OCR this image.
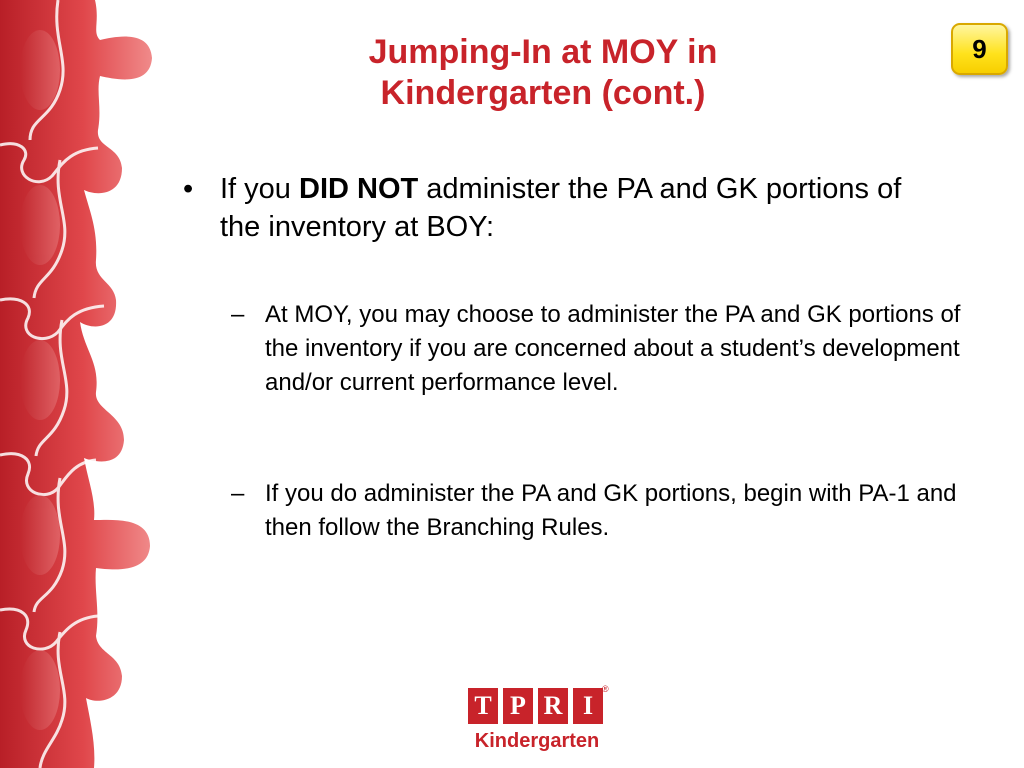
9
Jumping-In at MOY in
Kindergarten (cont.)
• If you DID NOT administer the PA and GK portions of the inventory at BOY:
– At MOY, you may choose to administer the PA and GK portions of the inventory if you are concerned about a student’s development and/or current performance level.
– If you do administer the PA and GK portions, begin with PA-1 and then follow the Branching Rules.
T P R I
®
Kindergarten
